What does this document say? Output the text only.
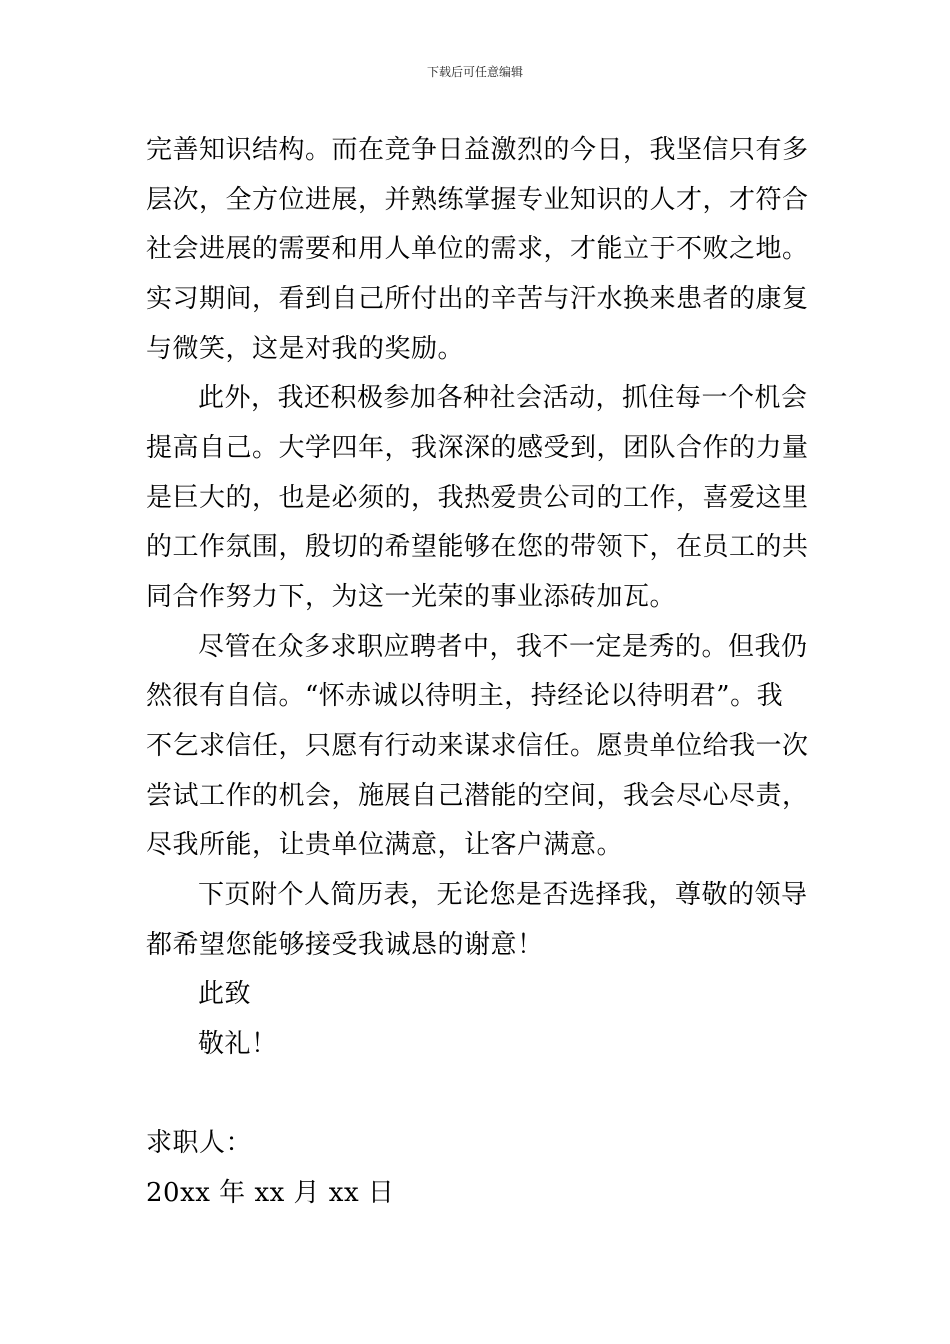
下载后可任意编辑
完善知识结构。而在竞争日益激烈的今日，我坚信只有多
层次，全方位进展，并熟练掌握专业知识的人才，才符合
社会进展的需要和用人单位的需求，才能立于不败之地。
实习期间，看到自己所付出的辛苦与汗水换来患者的康复
与微笑，这是对我的奖励。
此外，我还积极参加各种社会活动，抓住每一个机会
提高自己。大学四年，我深深的感受到，团队合作的力量
是巨大的，也是必须的，我热爱贵公司的工作，喜爱这里
的工作氛围，殷切的希望能够在您的带领下，在员工的共
同合作努力下，为这一光荣的事业添砖加瓦。
尽管在众多求职应聘者中，我不一定是秀的。但我仍
然很有自信。“怀赤诚以待明主，持经论以待明君”。我
不乞求信任，只愿有行动来谋求信任。愿贵单位给我一次
尝试工作的机会，施展自己潜能的空间，我会尽心尽责，
尽我所能，让贵单位满意，让客户满意。
下页附个人简历表，无论您是否选择我，尊敬的领导
都希望您能够接受我诚恳的谢意！
此致
敬礼！
求职人：
20xx 年 xx 月 xx 日
